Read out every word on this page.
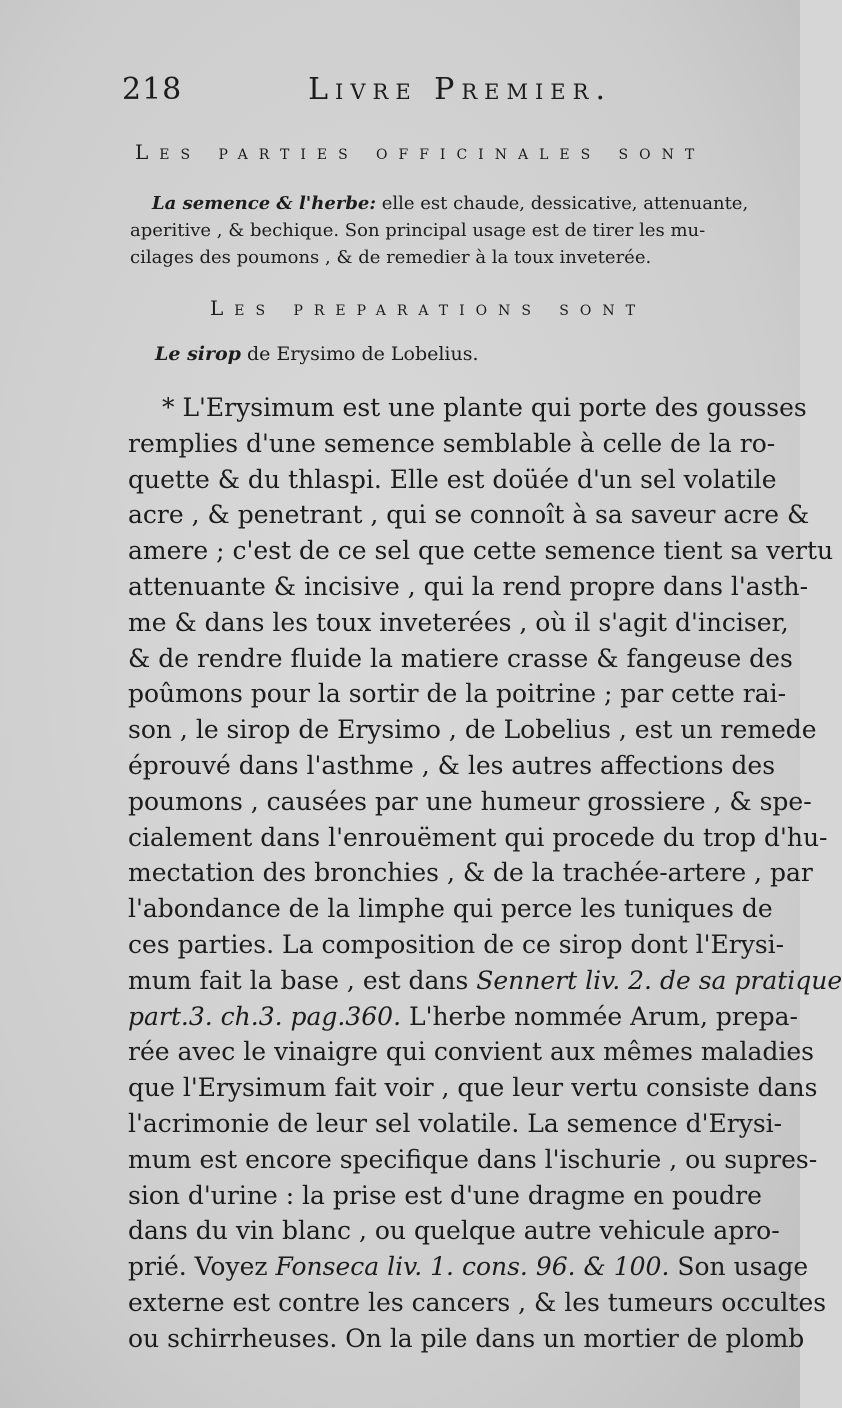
218	Livre Premier.
Les parties officinales sont
La semence & l'herbe: elle est chaude, dessicative, attenuante,
aperitive , & bechique. Son principal usage est de tirer les mu-
cilages des poumons , & de remedier à la toux inveterée.
Les preparations sont
Le sirop de Erysimo de Lobelius.
* L'Erysimum est une plante qui porte des gousses
remplies d'une semence semblable à celle de la ro-
quette & du thlaspi. Elle est doüée d'un sel volatile
acre , & penetrant , qui se connoît à sa saveur acre &
amere ; c'est de ce sel que cette semence tient sa vertu
attenuante & incisive , qui la rend propre dans l'asth-
me & dans les toux inveterées , où il s'agit d'inciser,
& de rendre fluide la matiere crasse & fangeuse des
poûmons pour la sortir de la poitrine ; par cette rai-
son , le sirop de Erysimo , de Lobelius , est un remede
éprouvé dans l'asthme , & les autres affections des
poumons , causées par une humeur grossiere , & spe-
cialement dans l'enrouëment qui procede du trop d'hu-
mectation des bronchies , & de la trachée-artere , par
l'abondance de la limphe qui perce les tuniques de
ces parties. La composition de ce sirop dont l'Erysi-
mum fait la base , est dans Sennert liv. 2. de sa pratique
part.3. ch.3. pag.360. L'herbe nommée Arum, prepa-
rée avec le vinaigre qui convient aux mêmes maladies
que l'Erysimum fait voir , que leur vertu consiste dans
l'acrimonie de leur sel volatile. La semence d'Erysi-
mum est encore specifique dans l'ischurie , ou supres-
sion d'urine : la prise est d'une dragme en poudre
dans du vin blanc , ou quelque autre vehicule apro-
prié. Voyez Fonseca liv. 1. cons. 96. & 100. Son usage
externe est contre les cancers , & les tumeurs occultes
ou schirrheuses. On la pile dans un mortier de plomb
